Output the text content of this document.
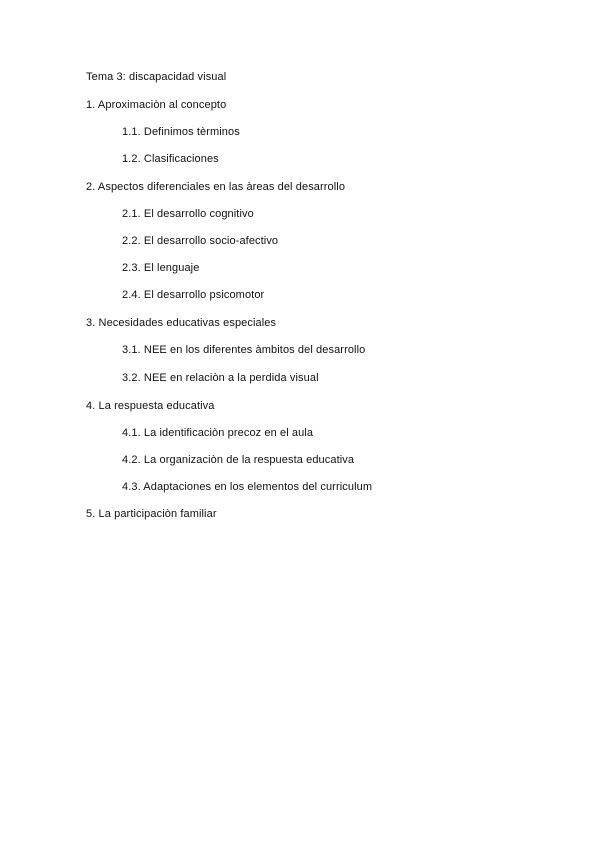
Tema 3: discapacidad visual
1. Aproximaciòn al concepto
1.1. Definimos tèrminos
1.2. Clasificaciones
2. Aspectos diferenciales en las àreas del desarrollo
2.1. El desarrollo cognitivo
2.2. El desarrollo socio-afectivo
2.3. El lenguaje
2.4. El desarrollo psicomotor
3. Necesidades educativas especiales
3.1. NEE en los diferentes àmbitos del desarrollo
3.2. NEE en relaciòn a la perdida visual
4. La respuesta educativa
4.1. La identificaciòn precoz en el aula
4.2. La organizaciòn de la respuesta educativa
4.3. Adaptaciones en los elementos del curriculum
5. La participaciòn familiar
